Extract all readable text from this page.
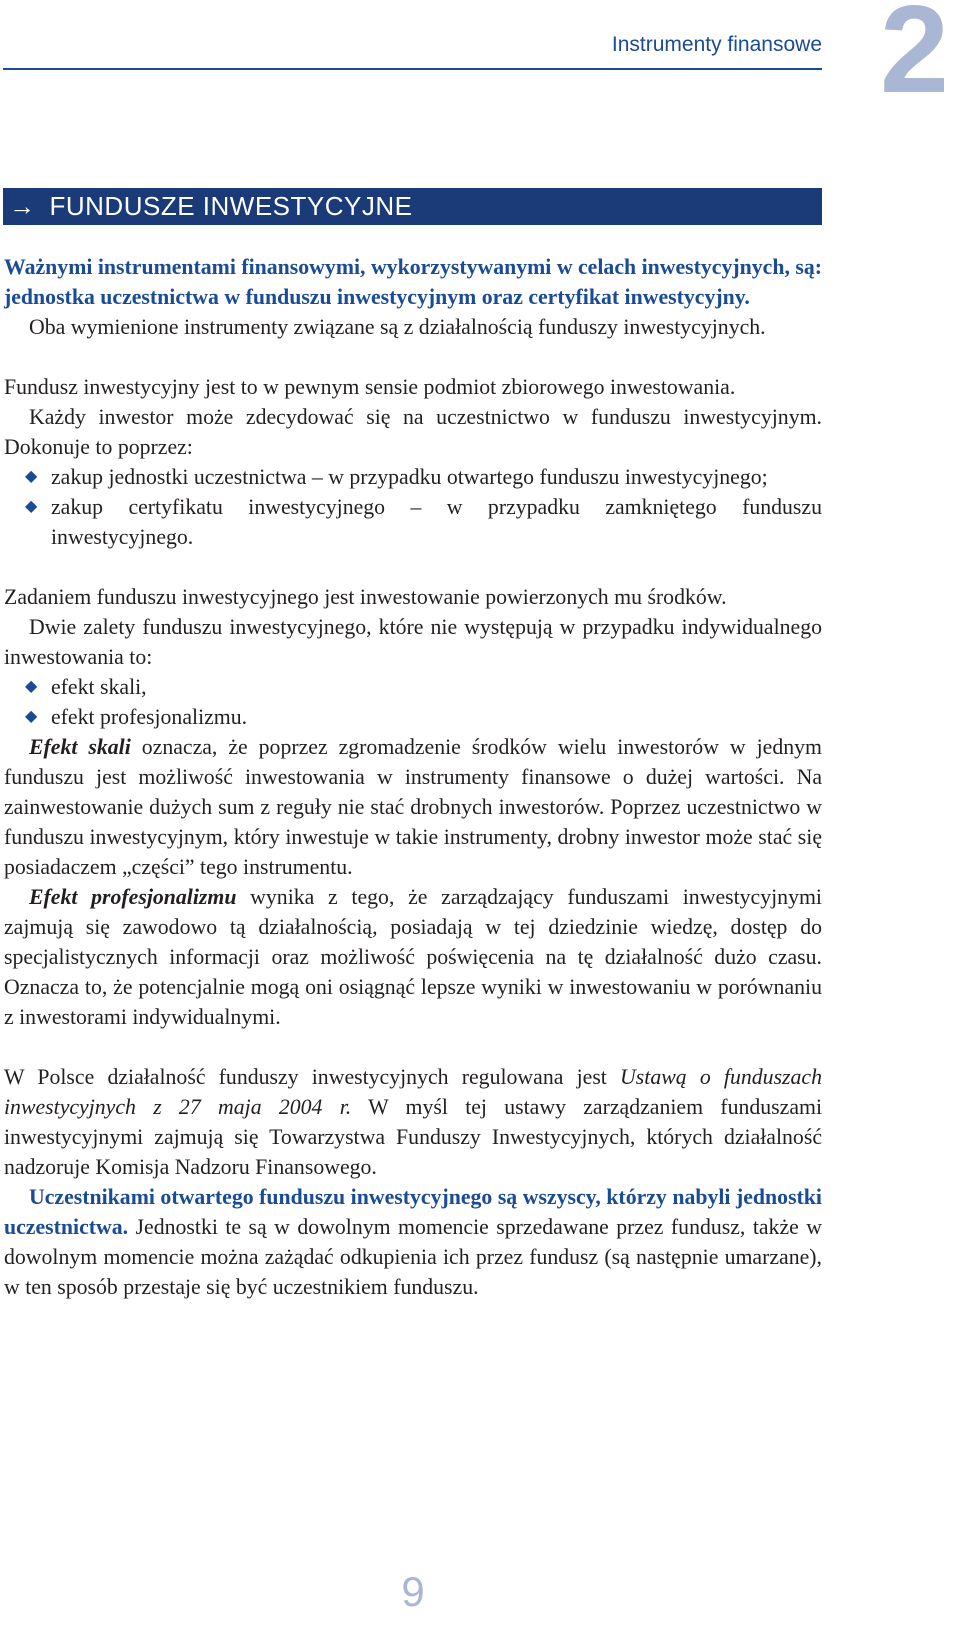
Instrumenty finansowe 2
→ FUNDUSZE INWESTYCYJNE

Ważnymi instrumentami finansowymi, wykorzystywanymi w celach inwestycyjnych, są: jednostka uczestnictwa w funduszu inwestycyjnym oraz certyfikat inwestycyjny.

Oba wymienione instrumenty związane są z działalnością funduszy inwestycyjnych.

Fundusz inwestycyjny jest to w pewnym sensie podmiot zbiorowego inwestowania.

Każdy inwestor może zdecydować się na uczestnictwo w funduszu inwestycyjnym. Dokonuje to poprzez:

◆ zakup jednostki uczestnictwa – w przypadku otwartego funduszu inwestycyjnego;
◆ zakup certyfikatu inwestycyjnego – w przypadku zamkniętego funduszu inwestycyjnego.

Zadaniem funduszu inwestycyjnego jest inwestowanie powierzonych mu środków.

Dwie zalety funduszu inwestycyjnego, które nie występują w przypadku indywidualnego inwestowania to:

◆ efekt skali,
◆ efekt profesjonalizmu.

Efekt skali oznacza, że poprzez zgromadzenie środków wielu inwestorów w jednym funduszu jest możliwość inwestowania w instrumenty finansowe o dużej wartości. Na zainwestowanie dużych sum z reguły nie stać drobnych inwestorów. Poprzez uczestnictwo w funduszu inwestycyjnym, który inwestuje w takie instrumenty, drobny inwestor może stać się posiadaczem „części” tego instrumentu.

Efekt profesjonalizmu wynika z tego, że zarządzający funduszami inwestycyjnymi zajmują się zawodowo tą działalnością, posiadają w tej dziedzinie wiedzę, dostęp do specjalistycznych informacji oraz możliwość poświęcenia na tę działalność dużo czasu. Oznacza to, że potencjalnie mogą oni osiągnąć lepsze wyniki w inwestowaniu w porównaniu z inwestorami indywidualnymi.

W Polsce działalność funduszy inwestycyjnych regulowana jest Ustawą o funduszach inwestycyjnych z 27 maja 2004 r. W myśl tej ustawy zarządzaniem funduszami inwestycyjnymi zajmują się Towarzystwa Funduszy Inwestycyjnych, których działalność nadzoruje Komisja Nadzoru Finansowego.

Uczestnikami otwartego funduszu inwestycyjnego są wszyscy, którzy nabyli jednostki uczestnictwa. Jednostki te są w dowolnym momencie sprzedawane przez fundusz, także w dowolnym momencie można zażądać odkupienia ich przez fundusz (są następnie umarzane), w ten sposób przestaje się być uczestnikiem funduszu.

9
